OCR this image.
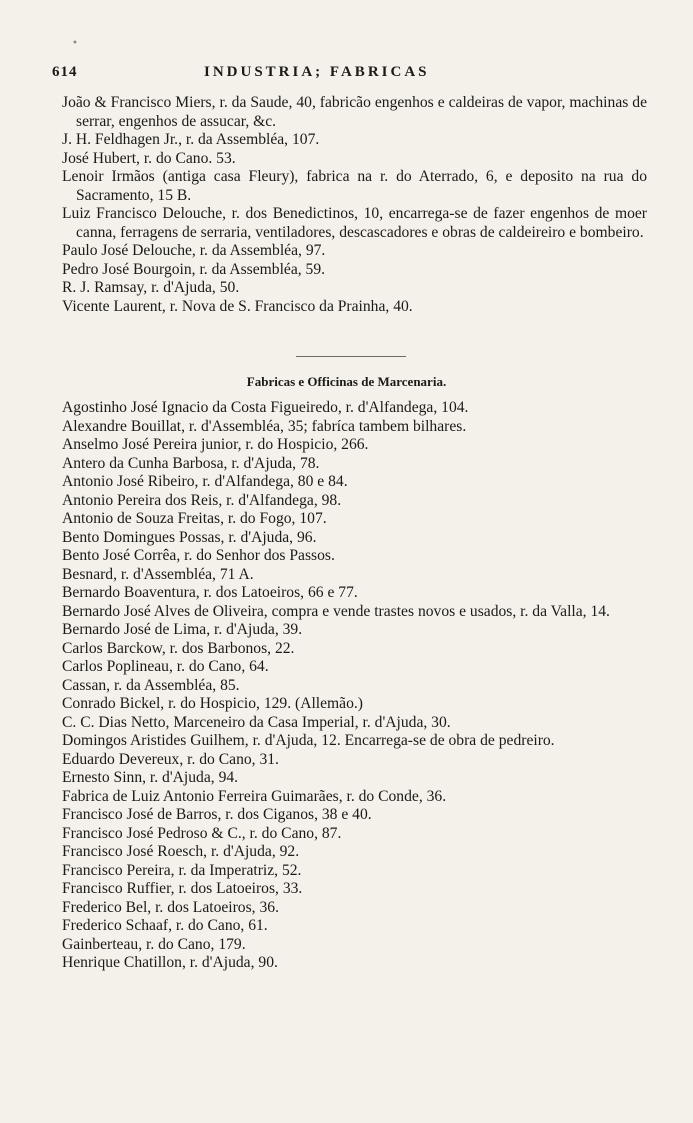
614	INDUSTRIA; FABRICAS
•
João & Francisco Miers, r. da Saude, 40, fabricão engenhos e caldeiras de vapor, machinas de serrar, engenhos de assucar, &c.
J. H. Feldhagen Jr., r. da Assembléa, 107.
José Hubert, r. do Cano. 53.
Lenoir Irmãos (antiga casa Fleury), fabrica na r. do Aterrado, 6, e deposito na rua do Sacramento, 15 B.
Luiz Francisco Delouche, r. dos Benedictinos, 10, encarrega-se de fazer engenhos de moer canna, ferragens de serraria, ventiladores, descascadores e obras de caldeireiro e bombeiro.
Paulo José Delouche, r. da Assembléa, 97.
Pedro José Bourgoin, r. da Assembléa, 59.
R. J. Ramsay, r. d'Ajuda, 50.
Vicente Laurent, r. Nova de S. Francisco da Prainha, 40.
Fabricas e Officinas de Marcenaria.
Agostinho José Ignacio da Costa Figueiredo, r. d'Alfandega, 104.
Alexandre Bouillat, r. d'Assembléa, 35; fabríca tambem bilhares.
Anselmo José Pereira junior, r. do Hospicio, 266.
Antero da Cunha Barbosa, r. d'Ajuda, 78.
Antonio José Ribeiro, r. d'Alfandega, 80 e 84.
Antonio Pereira dos Reis, r. d'Alfandega, 98.
Antonio de Souza Freitas, r. do Fogo, 107.
Bento Domingues Possas, r. d'Ajuda, 96.
Bento José Corrêa, r. do Senhor dos Passos.
Besnard, r. d'Assembléa, 71 A.
Bernardo Boaventura, r. dos Latoeiros, 66 e 77.
Bernardo José Alves de Oliveira, compra e vende trastes novos e usados, r. da Valla, 14.
Bernardo José de Lima, r. d'Ajuda, 39.
Carlos Barckow, r. dos Barbonos, 22.
Carlos Poplineau, r. do Cano, 64.
Cassan, r. da Assembléa, 85.
Conrado Bickel, r. do Hospicio, 129. (Allemão.)
C. C. Dias Netto, Marceneiro da Casa Imperial, r. d'Ajuda, 30.
Domingos Aristides Guilhem, r. d'Ajuda, 12. Encarrega-se de obra de pedreiro.
Eduardo Devereux, r. do Cano, 31.
Ernesto Sinn, r. d'Ajuda, 94.
Fabrica de Luiz Antonio Ferreira Guimarães, r. do Conde, 36.
Francisco José de Barros, r. dos Ciganos, 38 e 40.
Francisco José Pedroso & C., r. do Cano, 87.
Francisco José Roesch, r. d'Ajuda, 92.
Francisco Pereira, r. da Imperatriz, 52.
Francisco Ruffier, r. dos Latoeiros, 33.
Frederico Bel, r. dos Latoeiros, 36.
Frederico Schaaf, r. do Cano, 61.
Gainberteau, r. do Cano, 179.
Henrique Chatillon, r. d'Ajuda, 90.
